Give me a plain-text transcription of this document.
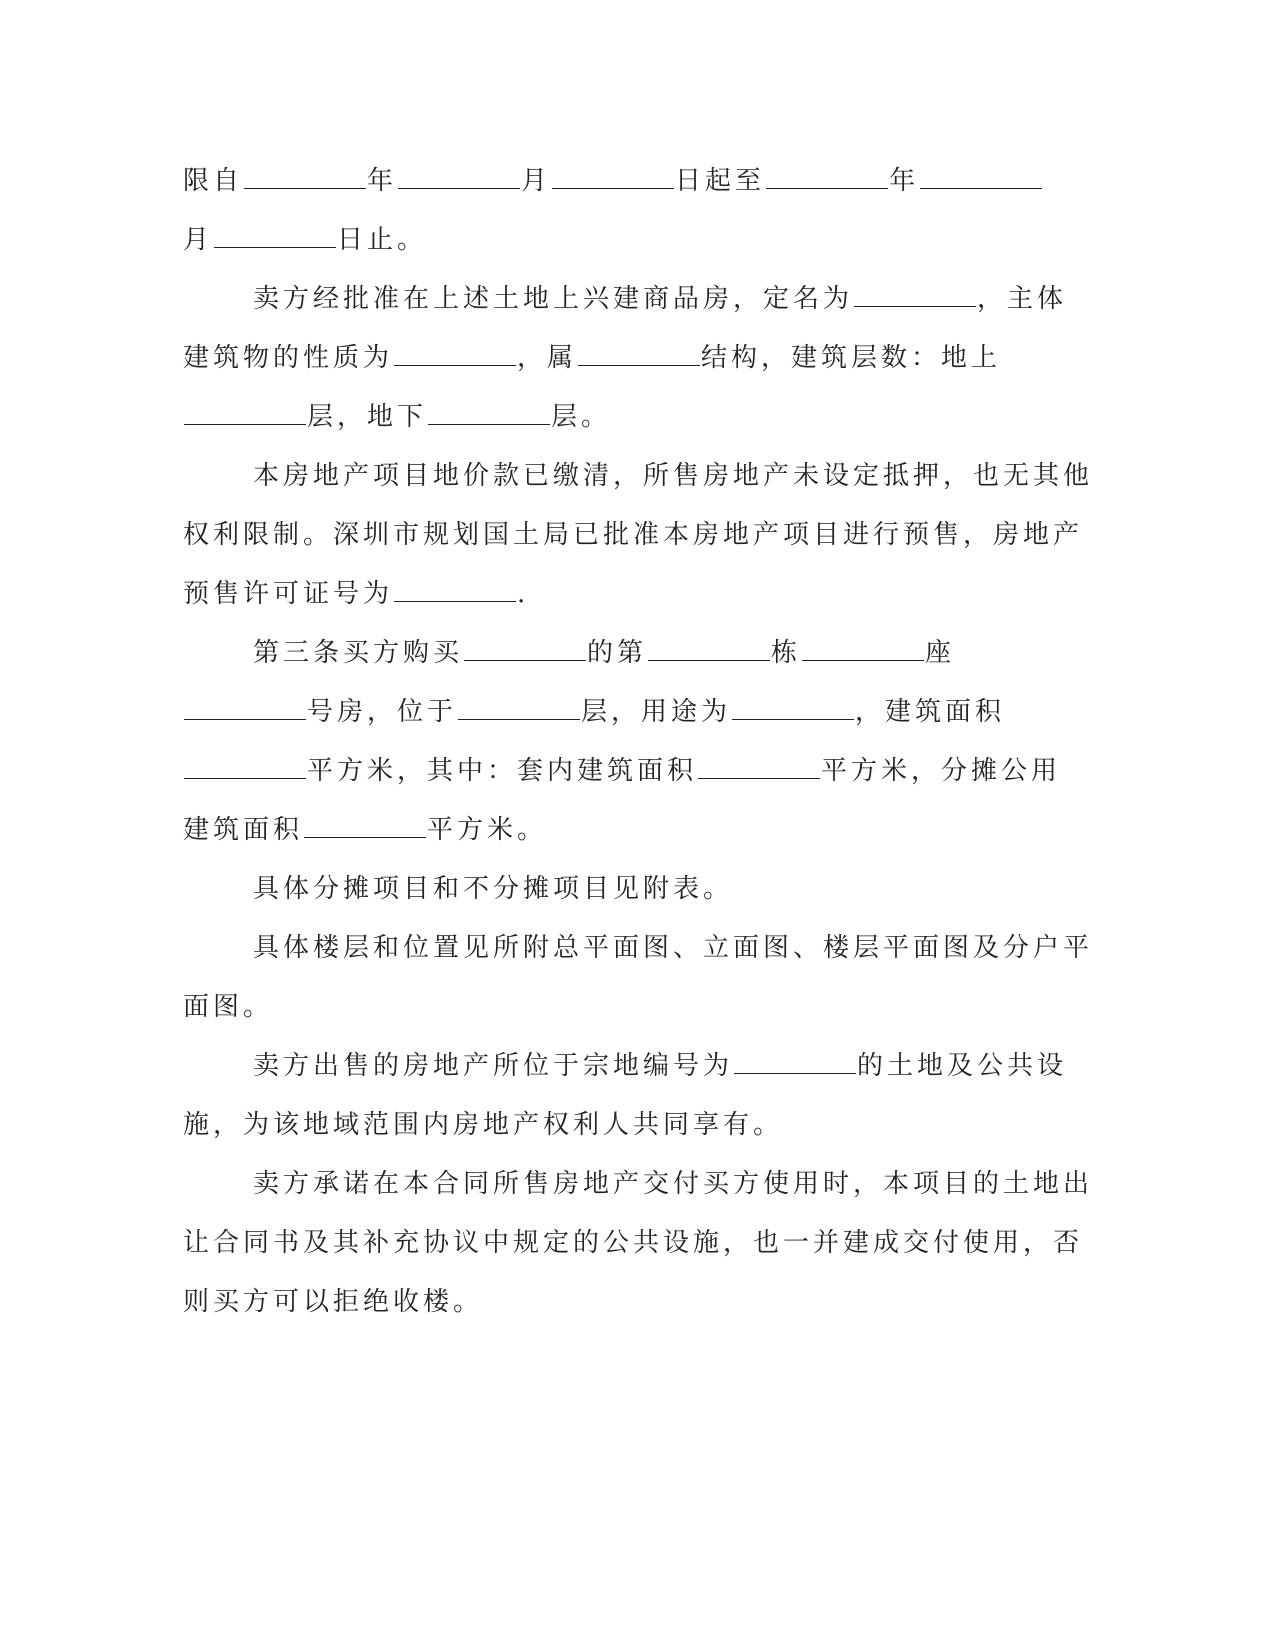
限自	年	月	日起至	年
月	日止。
卖方经批准在上述土地上兴建商品房，定名为	，主体
建筑物的性质为	，属	结构，建筑层数：地上
层，地下	层。
本房地产项目地价款已缴清，所售房地产未设定抵押，也无其他
权利限制。深圳市规划国土局已批准本房地产项目进行预售，房地产
预售许可证号为	.
第三条买方购买	的第	栋	座
号房，位于	层，用途为	，建筑面积
平方米，其中：套内建筑面积	平方米，分摊公用
建筑面积	平方米。
具体分摊项目和不分摊项目见附表。
具体楼层和位置见所附总平面图、立面图、楼层平面图及分户平
面图。
卖方出售的房地产所位于宗地编号为	的土地及公共设
施，为该地域范围内房地产权利人共同享有。
卖方承诺在本合同所售房地产交付买方使用时，本项目的土地出
让合同书及其补充协议中规定的公共设施，也一并建成交付使用，否
则买方可以拒绝收楼。
